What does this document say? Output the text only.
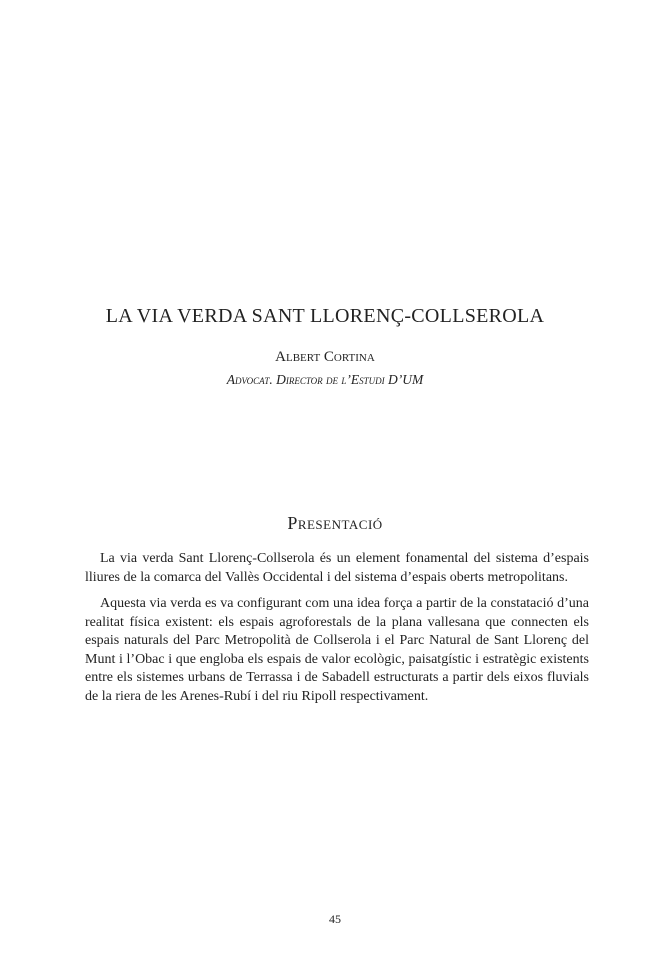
LA VIA VERDA SANT LLORENÇ-COLLSEROLA

Albert Cortina

Advocat. Director de l’Estudi D’UM

Presentació

La via verda Sant Llorenç-Collserola és un element fonamental del sistema d’espais lliures de la comarca del Vallès Occidental i del sistema d’espais oberts metropolitans.

Aquesta via verda es va configurant com una idea força a partir de la constatació d’una realitat física existent: els espais agroforestals de la plana vallesana que connecten els espais naturals del Parc Metropolità de Collserola i el Parc Natural de Sant Llorenç del Munt i l’Obac i que engloba els espais de valor ecològic, paisatgístic i estratègic existents entre els sistemes urbans de Terrassa i de Sabadell estructurats a partir dels eixos fluvials de la riera de les Arenes-Rubí i del riu Ripoll respectivament.

45
